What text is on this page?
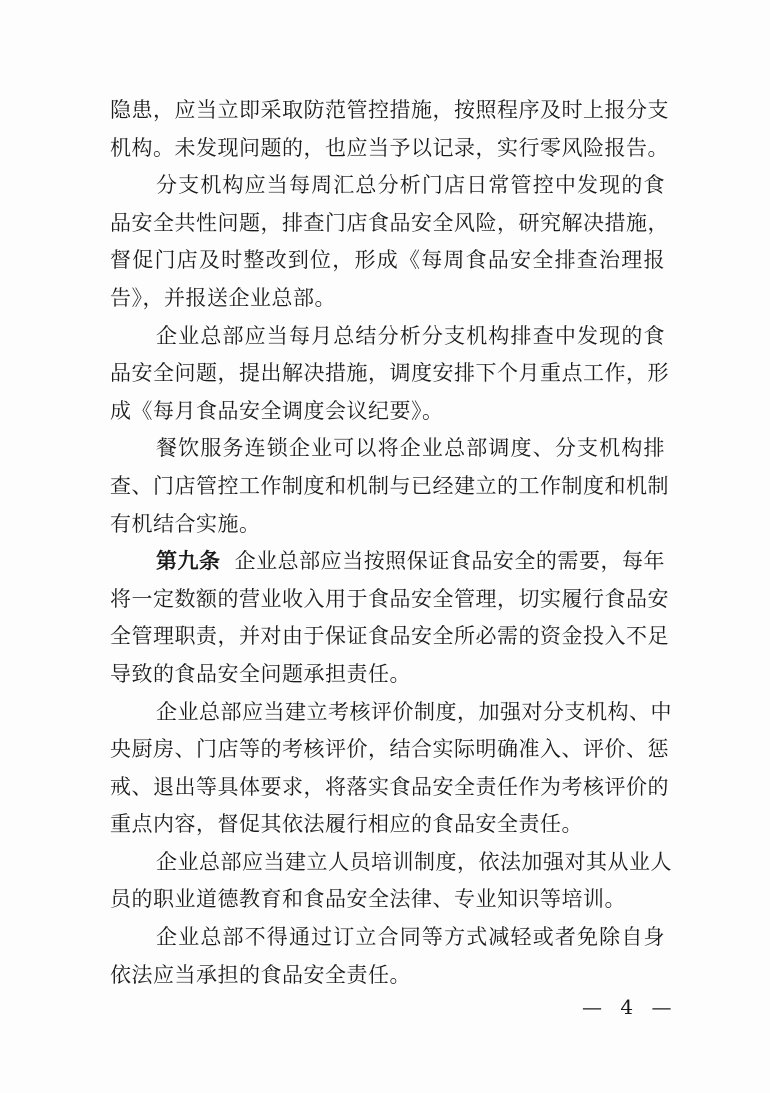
隐患，应当立即采取防范管控措施，按照程序及时上报分支
机构。未发现问题的，也应当予以记录，实行零风险报告。
分支机构应当每周汇总分析门店日常管控中发现的食
品安全共性问题，排查门店食品安全风险，研究解决措施，
督促门店及时整改到位，形成《每周食品安全排查治理报
告》，并报送企业总部。
企业总部应当每月总结分析分支机构排查中发现的食
品安全问题，提出解决措施，调度安排下个月重点工作，形
成《每月食品安全调度会议纪要》。
餐饮服务连锁企业可以将企业总部调度、分支机构排
查、门店管控工作制度和机制与已经建立的工作制度和机制
有机结合实施。
第九条 企业总部应当按照保证食品安全的需要，每年
将一定数额的营业收入用于食品安全管理，切实履行食品安
全管理职责，并对由于保证食品安全所必需的资金投入不足
导致的食品安全问题承担责任。
企业总部应当建立考核评价制度，加强对分支机构、中
央厨房、门店等的考核评价，结合实际明确准入、评价、惩
戒、退出等具体要求，将落实食品安全责任作为考核评价的
重点内容，督促其依法履行相应的食品安全责任。
企业总部应当建立人员培训制度，依法加强对其从业人
员的职业道德教育和食品安全法律、专业知识等培训。
企业总部不得通过订立合同等方式减轻或者免除自身
依法应当承担的食品安全责任。
— 4 —
